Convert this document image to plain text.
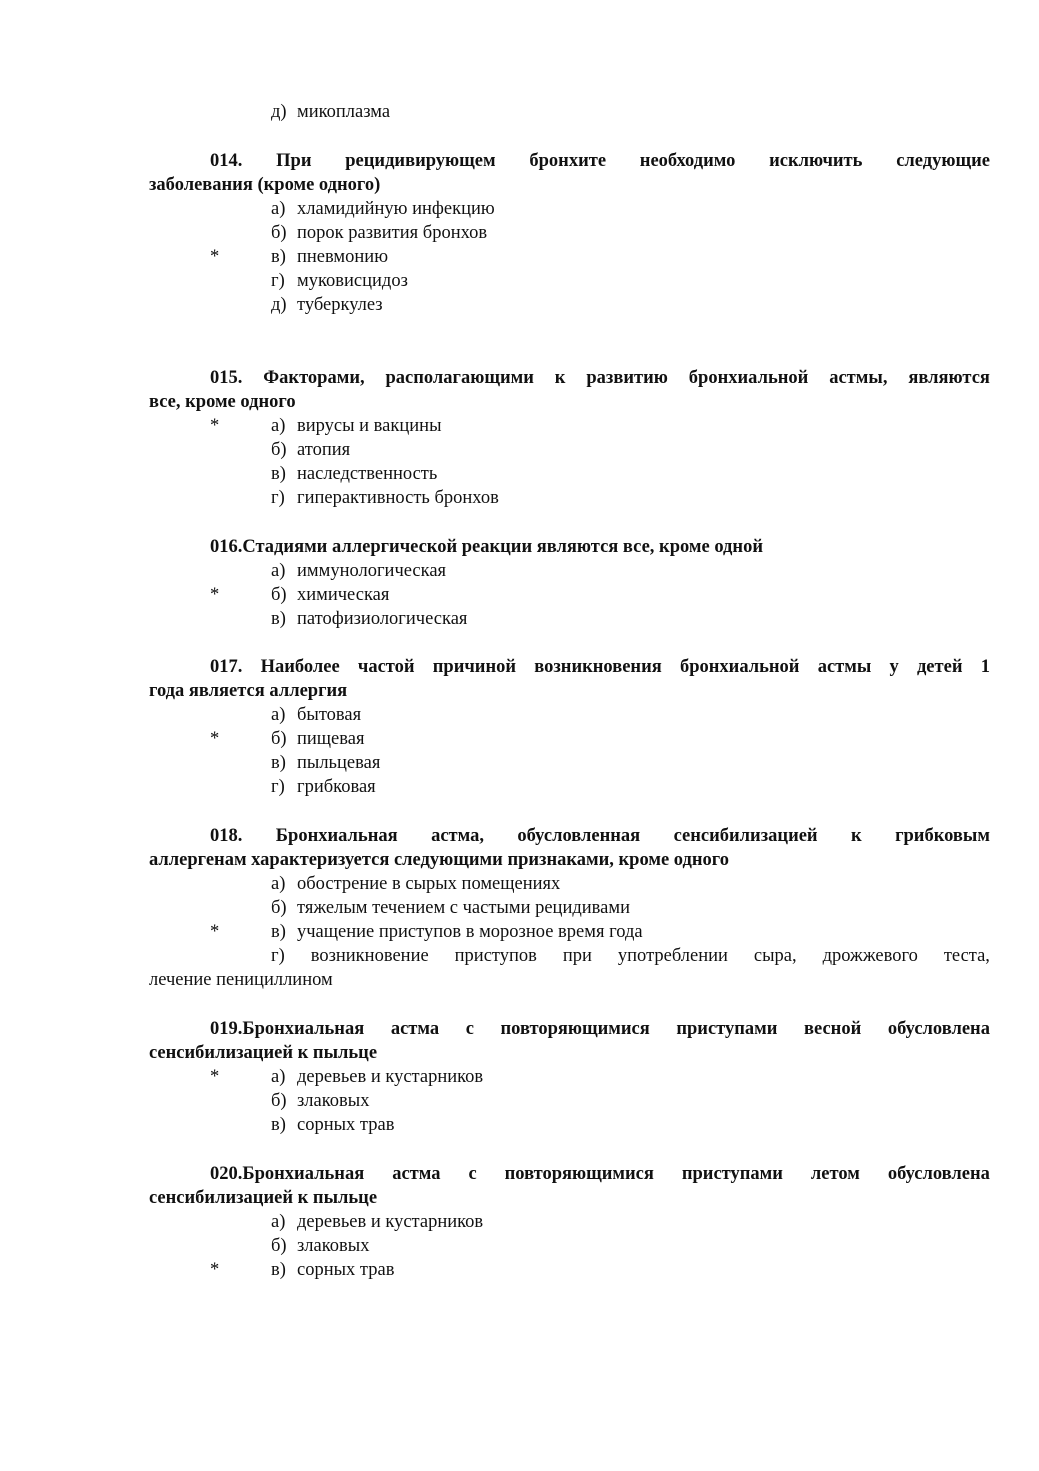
д) микоплазма
014. При рецидивирующем бронхите необходимо исключить следующие
заболевания (кроме одного)
а) хламидийную инфекцию
б) порок развития бронхов
*	в) пневмонию
г) муковисцидоз
д) туберкулез
015. Факторами, располагающими к развитию бронхиальной астмы, являются
все, кроме одного
*	а) вирусы и вакцины
б) атопия
в) наследственность
г) гиперактивность бронхов
016.Стадиями аллергической реакции являются все, кроме одной
а) иммунологическая
*	б) химическая
в) патофизиологическая
017. Наиболее частой причиной возникновения бронхиальной астмы у детей 1
года является аллергия
а) бытовая
*	б) пищевая
в) пыльцевая
г) грибковая
018. Бронхиальная астма, обусловленная сенсибилизацией к грибковым
аллергенам характеризуется следующими признаками, кроме одного
а) обострение в сырых помещениях
б) тяжелым течением с частыми рецидивами
*	в) учащение приступов в морозное время года
г) возникновение приступов при употреблении сыра, дрожжевого теста,
лечение пенициллином
019.Бронхиальная астма с повторяющимися приступами весной обусловлена
сенсибилизацией к пыльце
*	а) деревьев и кустарников
б) злаковых
в) сорных трав
020.Бронхиальная астма с повторяющимися приступами летом обусловлена
сенсибилизацией к пыльце
а) деревьев и кустарников
б) злаковых
*	в) сорных трав
